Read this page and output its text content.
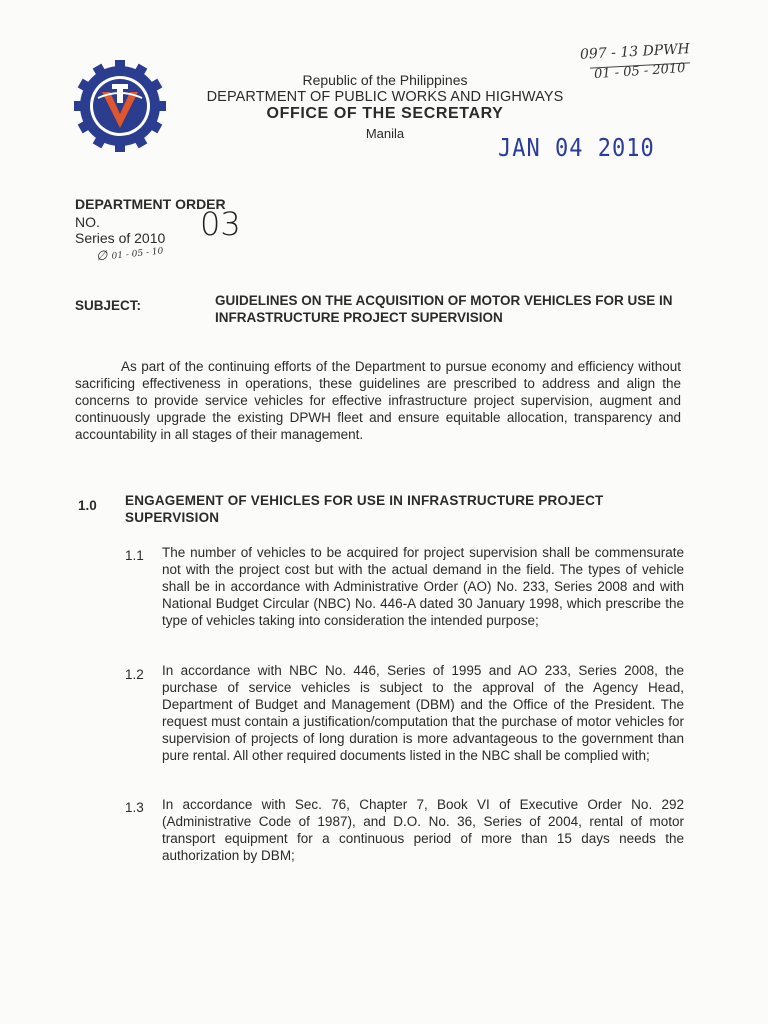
097 - 13 DPWH
01 - 05 - 2010
Republic of the Philippines
DEPARTMENT OF PUBLIC WORKS AND HIGHWAYS
OFFICE OF THE SECRETARY
Manila
JAN 04 2010
DEPARTMENT ORDER
NO.
Series of 2010 03
∅ 01 - 05 - 10
SUBJECT:	GUIDELINES ON THE ACQUISITION OF MOTOR VEHICLES FOR USE IN INFRASTRUCTURE PROJECT SUPERVISION
As part of the continuing efforts of the Department to pursue economy and efficiency without sacrificing effectiveness in operations, these guidelines are prescribed to address and align the concerns to provide service vehicles for effective infrastructure project supervision, augment and continuously upgrade the existing DPWH fleet and ensure equitable allocation, transparency and accountability in all stages of their management.
1.0 ENGAGEMENT OF VEHICLES FOR USE IN INFRASTRUCTURE PROJECT SUPERVISION
1.1 The number of vehicles to be acquired for project supervision shall be commensurate not with the project cost but with the actual demand in the field. The types of vehicle shall be in accordance with Administrative Order (AO) No. 233, Series 2008 and with National Budget Circular (NBC) No. 446-A dated 30 January 1998, which prescribe the type of vehicles taking into consideration the intended purpose;
1.2 In accordance with NBC No. 446, Series of 1995 and AO 233, Series 2008, the purchase of service vehicles is subject to the approval of the Agency Head, Department of Budget and Management (DBM) and the Office of the President. The request must contain a justification/computation that the purchase of motor vehicles for supervision of projects of long duration is more advantageous to the government than pure rental. All other required documents listed in the NBC shall be complied with;
1.3 In accordance with Sec. 76, Chapter 7, Book VI of Executive Order No. 292 (Administrative Code of 1987), and D.O. No. 36, Series of 2004, rental of motor transport equipment for a continuous period of more than 15 days needs the authorization by DBM;
